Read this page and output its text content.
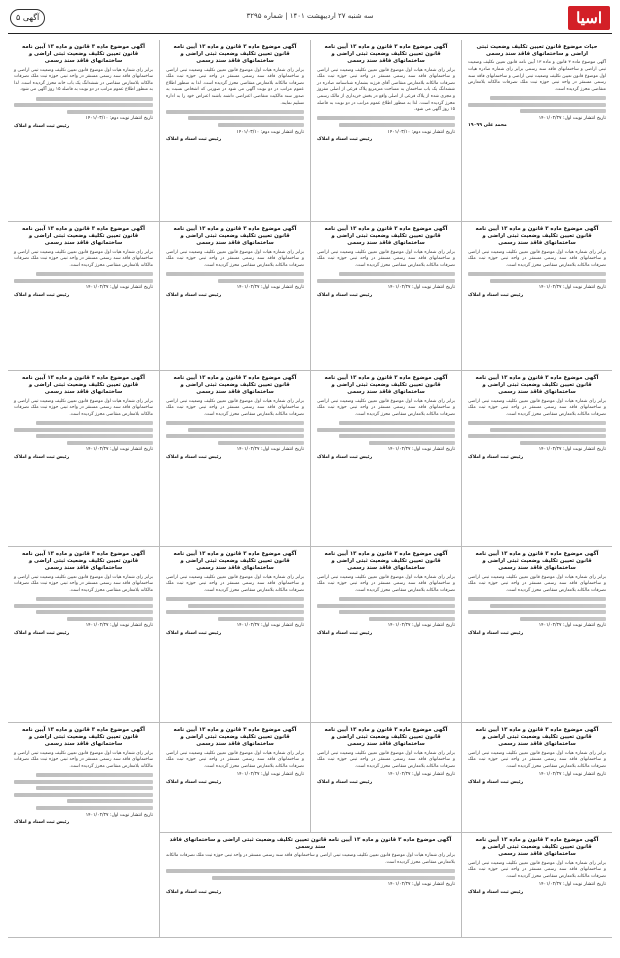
اسیا
سه شنبه ۲۷ اردیبهشت ۱۴۰۱ | شماره ۳۲۹۵
آگهی ۵
حیات موضوع قانون تعیین تکلیف وضعیت ثبتی اراضی و ساختمانهای فاقد سند رسمی
آگهی موضوع ماده ۳ قانون و ماده ۱۳ آیین نامه قانون تعیین تکلیف وضعیت ثبتی اراضی و ساختمانهای فاقد سند رسمی برابر رای شماره صادره هیات اول موضوع قانون تعیین تکلیف وضعیت ثبتی اراضی و ساختمانهای فاقد سند رسمی مستقر در واحد ثبتی حوزه ثبت ملک تصرفات مالکانه بلامعارض متقاضی محرز گردیده است.
تاریخ انتشار نوبت اول: ۱۴۰۱/۰۲/۲۷
محمد علی ۱۹۰۹۹
آگهی موضوع ماده ۳ قانون و ماده ۱۳ آیین نامه قانون تعیین تکلیف وضعیت ثبتی اراضی و ساختمانهای فاقد سند رسمی
برابر رای شماره هیات اول موضوع قانون تعیین تکلیف وضعیت ثبتی اراضی و ساختمانهای فاقد سند رسمی مستقر در واحد ثبتی حوزه ثبت ملک تصرفات مالکانه بلامعارض متقاضی آقای فرزند بشماره شناسنامه صادره در ششدانگ یک باب ساختمان به مساحت مترمربع پلاک فرعی از اصلی مفروز و مجزی شده از پلاک فرعی از اصلی واقع در بخش خریداری از مالک رسمی محرز گردیده است. لذا به منظور اطلاع عموم مراتب در دو نوبت به فاصله ۱۵ روز آگهی می شود.
تاریخ انتشار نوبت دوم: ۱۴۰۱/۰۳/۱۰
رئیس ثبت اسناد و املاک
آگهی موضوع ماده ۳ قانون و ماده ۱۳ آیین نامه قانون تعیین تکلیف وضعیت ثبتی اراضی و ساختمانهای فاقد سند رسمی
برابر رای شماره هیات اول موضوع قانون تعیین تکلیف وضعیت ثبتی اراضی و ساختمانهای فاقد سند رسمی مستقر در واحد ثبتی حوزه ثبت ملک تصرفات مالکانه بلامعارض متقاضی محرز گردیده است. لذا به منظور اطلاع عموم مراتب در دو نوبت آگهی می شود در صورتی که اشخاص نسبت به صدور سند مالکیت متقاضی اعتراضی داشته باشند اعتراض خود را به اداره تسلیم نمایند.
تاریخ انتشار نوبت دوم: ۱۴۰۱/۰۳/۱۰
رئیس ثبت اسناد و املاک
آگهی موضوع ماده ۳ قانون و ماده ۱۳ آیین نامه قانون تعیین تکلیف وضعیت ثبتی اراضی و ساختمانهای فاقد سند رسمی
برابر رای شماره هیات اول موضوع قانون تعیین تکلیف وضعیت ثبتی اراضی و ساختمانهای فاقد سند رسمی مستقر در واحد ثبتی حوزه ثبت ملک تصرفات مالکانه بلامعارض متقاضی در ششدانگ یک باب خانه محرز گردیده است. لذا به منظور اطلاع عموم مراتب در دو نوبت به فاصله ۱۵ روز آگهی می شود.
تاریخ انتشار نوبت دوم: ۱۴۰۱/۰۳/۱۰
رئیس ثبت اسناد و املاک
آگهی موضوع ماده ۳ قانون و ماده ۱۳ آیین نامه قانون تعیین تکلیف وضعیت ثبتی اراضی و ساختمانهای فاقد سند رسمی
برابر رای شماره هیات اول موضوع قانون تعیین تکلیف وضعیت ثبتی اراضی و ساختمانهای فاقد سند رسمی مستقر در واحد ثبتی حوزه ثبت ملک تصرفات مالکانه بلامعارض متقاضی محرز گردیده است.
تاریخ انتشار نوبت اول: ۱۴۰۱/۰۲/۲۷
رئیس ثبت اسناد و املاک
آگهی موضوع ماده ۳ قانون و ماده ۱۳ آیین نامه قانون تعیین تکلیف وضعیت ثبتی اراضی و ساختمانهای فاقد سند رسمی
برابر رای شماره هیات اول موضوع قانون تعیین تکلیف وضعیت ثبتی اراضی و ساختمانهای فاقد سند رسمی مستقر در واحد ثبتی حوزه ثبت ملک تصرفات مالکانه بلامعارض متقاضی محرز گردیده است.
تاریخ انتشار نوبت اول: ۱۴۰۱/۰۲/۲۷
رئیس ثبت اسناد و املاک
آگهی موضوع ماده ۳ قانون و ماده ۱۳ آیین نامه قانون تعیین تکلیف وضعیت ثبتی اراضی و ساختمانهای فاقد سند رسمی
برابر رای شماره هیات اول موضوع قانون تعیین تکلیف وضعیت ثبتی اراضی و ساختمانهای فاقد سند رسمی مستقر در واحد ثبتی حوزه ثبت ملک تصرفات مالکانه بلامعارض متقاضی محرز گردیده است.
تاریخ انتشار نوبت اول: ۱۴۰۱/۰۲/۲۷
رئیس ثبت اسناد و املاک
آگهی موضوع ماده ۳ قانون و ماده ۱۳ آیین نامه قانون تعیین تکلیف وضعیت ثبتی اراضی و ساختمانهای فاقد سند رسمی
برابر رای شماره هیات اول موضوع قانون تعیین تکلیف وضعیت ثبتی اراضی و ساختمانهای فاقد سند رسمی مستقر در واحد ثبتی حوزه ثبت ملک تصرفات مالکانه بلامعارض متقاضی محرز گردیده است.
تاریخ انتشار نوبت اول: ۱۴۰۱/۰۲/۲۷
رئیس ثبت اسناد و املاک
آگهی موضوع ماده ۳ قانون و ماده ۱۳ آیین نامه قانون تعیین تکلیف وضعیت ثبتی اراضی و ساختمانهای فاقد سند رسمی
برابر رای شماره هیات اول موضوع قانون تعیین تکلیف وضعیت ثبتی اراضی و ساختمانهای فاقد سند رسمی مستقر در واحد ثبتی حوزه ثبت ملک تصرفات مالکانه بلامعارض متقاضی محرز گردیده است.
تاریخ انتشار نوبت اول: ۱۴۰۱/۰۲/۲۷
رئیس ثبت اسناد و املاک
آگهی موضوع ماده ۳ قانون و ماده ۱۳ آیین نامه قانون تعیین تکلیف وضعیت ثبتی اراضی و ساختمانهای فاقد سند رسمی
برابر رای شماره هیات اول موضوع قانون تعیین تکلیف وضعیت ثبتی اراضی و ساختمانهای فاقد سند رسمی مستقر در واحد ثبتی حوزه ثبت ملک تصرفات مالکانه بلامعارض متقاضی محرز گردیده است.
تاریخ انتشار نوبت اول: ۱۴۰۱/۰۲/۲۷
رئیس ثبت اسناد و املاک
آگهی موضوع ماده ۳ قانون و ماده ۱۳ آیین نامه قانون تعیین تکلیف وضعیت ثبتی اراضی و ساختمانهای فاقد سند رسمی
برابر رای شماره هیات اول موضوع قانون تعیین تکلیف وضعیت ثبتی اراضی و ساختمانهای فاقد سند رسمی مستقر در واحد ثبتی حوزه ثبت ملک تصرفات مالکانه بلامعارض متقاضی محرز گردیده است.
تاریخ انتشار نوبت اول: ۱۴۰۱/۰۲/۲۷
رئیس ثبت اسناد و املاک
آگهی موضوع ماده ۳ قانون و ماده ۱۳ آیین نامه قانون تعیین تکلیف وضعیت ثبتی اراضی و ساختمانهای فاقد سند رسمی
برابر رای شماره هیات اول موضوع قانون تعیین تکلیف وضعیت ثبتی اراضی و ساختمانهای فاقد سند رسمی مستقر در واحد ثبتی حوزه ثبت ملک تصرفات مالکانه بلامعارض متقاضی محرز گردیده است.
تاریخ انتشار نوبت اول: ۱۴۰۱/۰۲/۲۷
رئیس ثبت اسناد و املاک
آگهی موضوع ماده ۳ قانون و ماده ۱۳ آیین نامه قانون تعیین تکلیف وضعیت ثبتی اراضی و ساختمانهای فاقد سند رسمی
برابر رای شماره هیات اول موضوع قانون تعیین تکلیف وضعیت ثبتی اراضی و ساختمانهای فاقد سند رسمی مستقر در واحد ثبتی حوزه ثبت ملک تصرفات مالکانه بلامعارض متقاضی محرز گردیده است.
تاریخ انتشار نوبت اول: ۱۴۰۱/۰۲/۲۷
رئیس ثبت اسناد و املاک
آگهی موضوع ماده ۳ قانون و ماده ۱۳ آیین نامه قانون تعیین تکلیف وضعیت ثبتی اراضی و ساختمانهای فاقد سند رسمی
برابر رای شماره هیات اول موضوع قانون تعیین تکلیف وضعیت ثبتی اراضی و ساختمانهای فاقد سند رسمی مستقر در واحد ثبتی حوزه ثبت ملک تصرفات مالکانه بلامعارض متقاضی محرز گردیده است.
تاریخ انتشار نوبت اول: ۱۴۰۱/۰۲/۲۷
رئیس ثبت اسناد و املاک
آگهی موضوع ماده ۳ قانون و ماده ۱۳ آیین نامه قانون تعیین تکلیف وضعیت ثبتی اراضی و ساختمانهای فاقد سند رسمی
برابر رای شماره هیات اول موضوع قانون تعیین تکلیف وضعیت ثبتی اراضی و ساختمانهای فاقد سند رسمی مستقر در واحد ثبتی حوزه ثبت ملک تصرفات مالکانه بلامعارض متقاضی محرز گردیده است.
تاریخ انتشار نوبت اول: ۱۴۰۱/۰۲/۲۷
رئیس ثبت اسناد و املاک
آگهی موضوع ماده ۳ قانون و ماده ۱۳ آیین نامه قانون تعیین تکلیف وضعیت ثبتی اراضی و ساختمانهای فاقد سند رسمی
برابر رای شماره هیات اول موضوع قانون تعیین تکلیف وضعیت ثبتی اراضی و ساختمانهای فاقد سند رسمی مستقر در واحد ثبتی حوزه ثبت ملک تصرفات مالکانه بلامعارض متقاضی محرز گردیده است.
تاریخ انتشار نوبت اول: ۱۴۰۱/۰۲/۲۷
رئیس ثبت اسناد و املاک
آگهی موضوع ماده ۳ قانون و ماده ۱۳ آیین نامه قانون تعیین تکلیف وضعیت ثبتی اراضی و ساختمانهای فاقد سند رسمی
برابر رای شماره هیات اول موضوع قانون تعیین تکلیف وضعیت ثبتی اراضی و ساختمانهای فاقد سند رسمی مستقر در واحد ثبتی حوزه ثبت ملک تصرفات مالکانه بلامعارض متقاضی محرز گردیده است.
تاریخ انتشار نوبت اول: ۱۴۰۱/۰۲/۲۷
رئیس ثبت اسناد و املاک
آگهی موضوع ماده ۳ قانون و ماده ۱۳ آیین نامه قانون تعیین تکلیف وضعیت ثبتی اراضی و ساختمانهای فاقد سند رسمی
برابر رای شماره هیات اول موضوع قانون تعیین تکلیف وضعیت ثبتی اراضی و ساختمانهای فاقد سند رسمی مستقر در واحد ثبتی حوزه ثبت ملک تصرفات مالکانه بلامعارض متقاضی محرز گردیده است.
تاریخ انتشار نوبت اول: ۱۴۰۱/۰۲/۲۷
رئیس ثبت اسناد و املاک
آگهی موضوع ماده ۳ قانون و ماده ۱۳ آیین نامه قانون تعیین تکلیف وضعیت ثبتی اراضی و ساختمانهای فاقد سند رسمی
برابر رای شماره هیات اول موضوع قانون تعیین تکلیف وضعیت ثبتی اراضی و ساختمانهای فاقد سند رسمی مستقر در واحد ثبتی حوزه ثبت ملک تصرفات مالکانه بلامعارض متقاضی محرز گردیده است.
تاریخ انتشار نوبت اول: ۱۴۰۱/۰۲/۲۷
رئیس ثبت اسناد و املاک
آگهی موضوع ماده ۳ قانون و ماده ۱۳ آیین نامه قانون تعیین تکلیف وضعیت ثبتی اراضی و ساختمانهای فاقد سند رسمی
برابر رای شماره هیات اول موضوع قانون تعیین تکلیف وضعیت ثبتی اراضی و ساختمانهای فاقد سند رسمی مستقر در واحد ثبتی حوزه ثبت ملک تصرفات مالکانه بلامعارض متقاضی محرز گردیده است.
تاریخ انتشار نوبت اول: ۱۴۰۱/۰۲/۲۷
رئیس ثبت اسناد و املاک
آگهی موضوع ماده ۳ قانون و ماده ۱۳ آیین نامه قانون تعیین تکلیف وضعیت ثبتی اراضی و ساختمانهای فاقد سند رسمی
برابر رای شماره هیات اول موضوع قانون تعیین تکلیف وضعیت ثبتی اراضی و ساختمانهای فاقد سند رسمی مستقر در واحد ثبتی حوزه ثبت ملک تصرفات مالکانه بلامعارض متقاضی محرز گردیده است.
تاریخ انتشار نوبت اول: ۱۴۰۱/۰۲/۲۷
رئیس ثبت اسناد و املاک
آگهی موضوع ماده ۳ قانون و ماده ۱۳ آیین نامه قانون تعیین تکلیف وضعیت ثبتی اراضی و ساختمانهای فاقد سند رسمی
برابر رای شماره هیات اول موضوع قانون تعیین تکلیف وضعیت ثبتی اراضی و ساختمانهای فاقد سند رسمی مستقر در واحد ثبتی حوزه ثبت ملک تصرفات مالکانه بلامعارض متقاضی محرز گردیده است.
تاریخ انتشار نوبت اول: ۱۴۰۱/۰۲/۲۷
رئیس ثبت اسناد و املاک
